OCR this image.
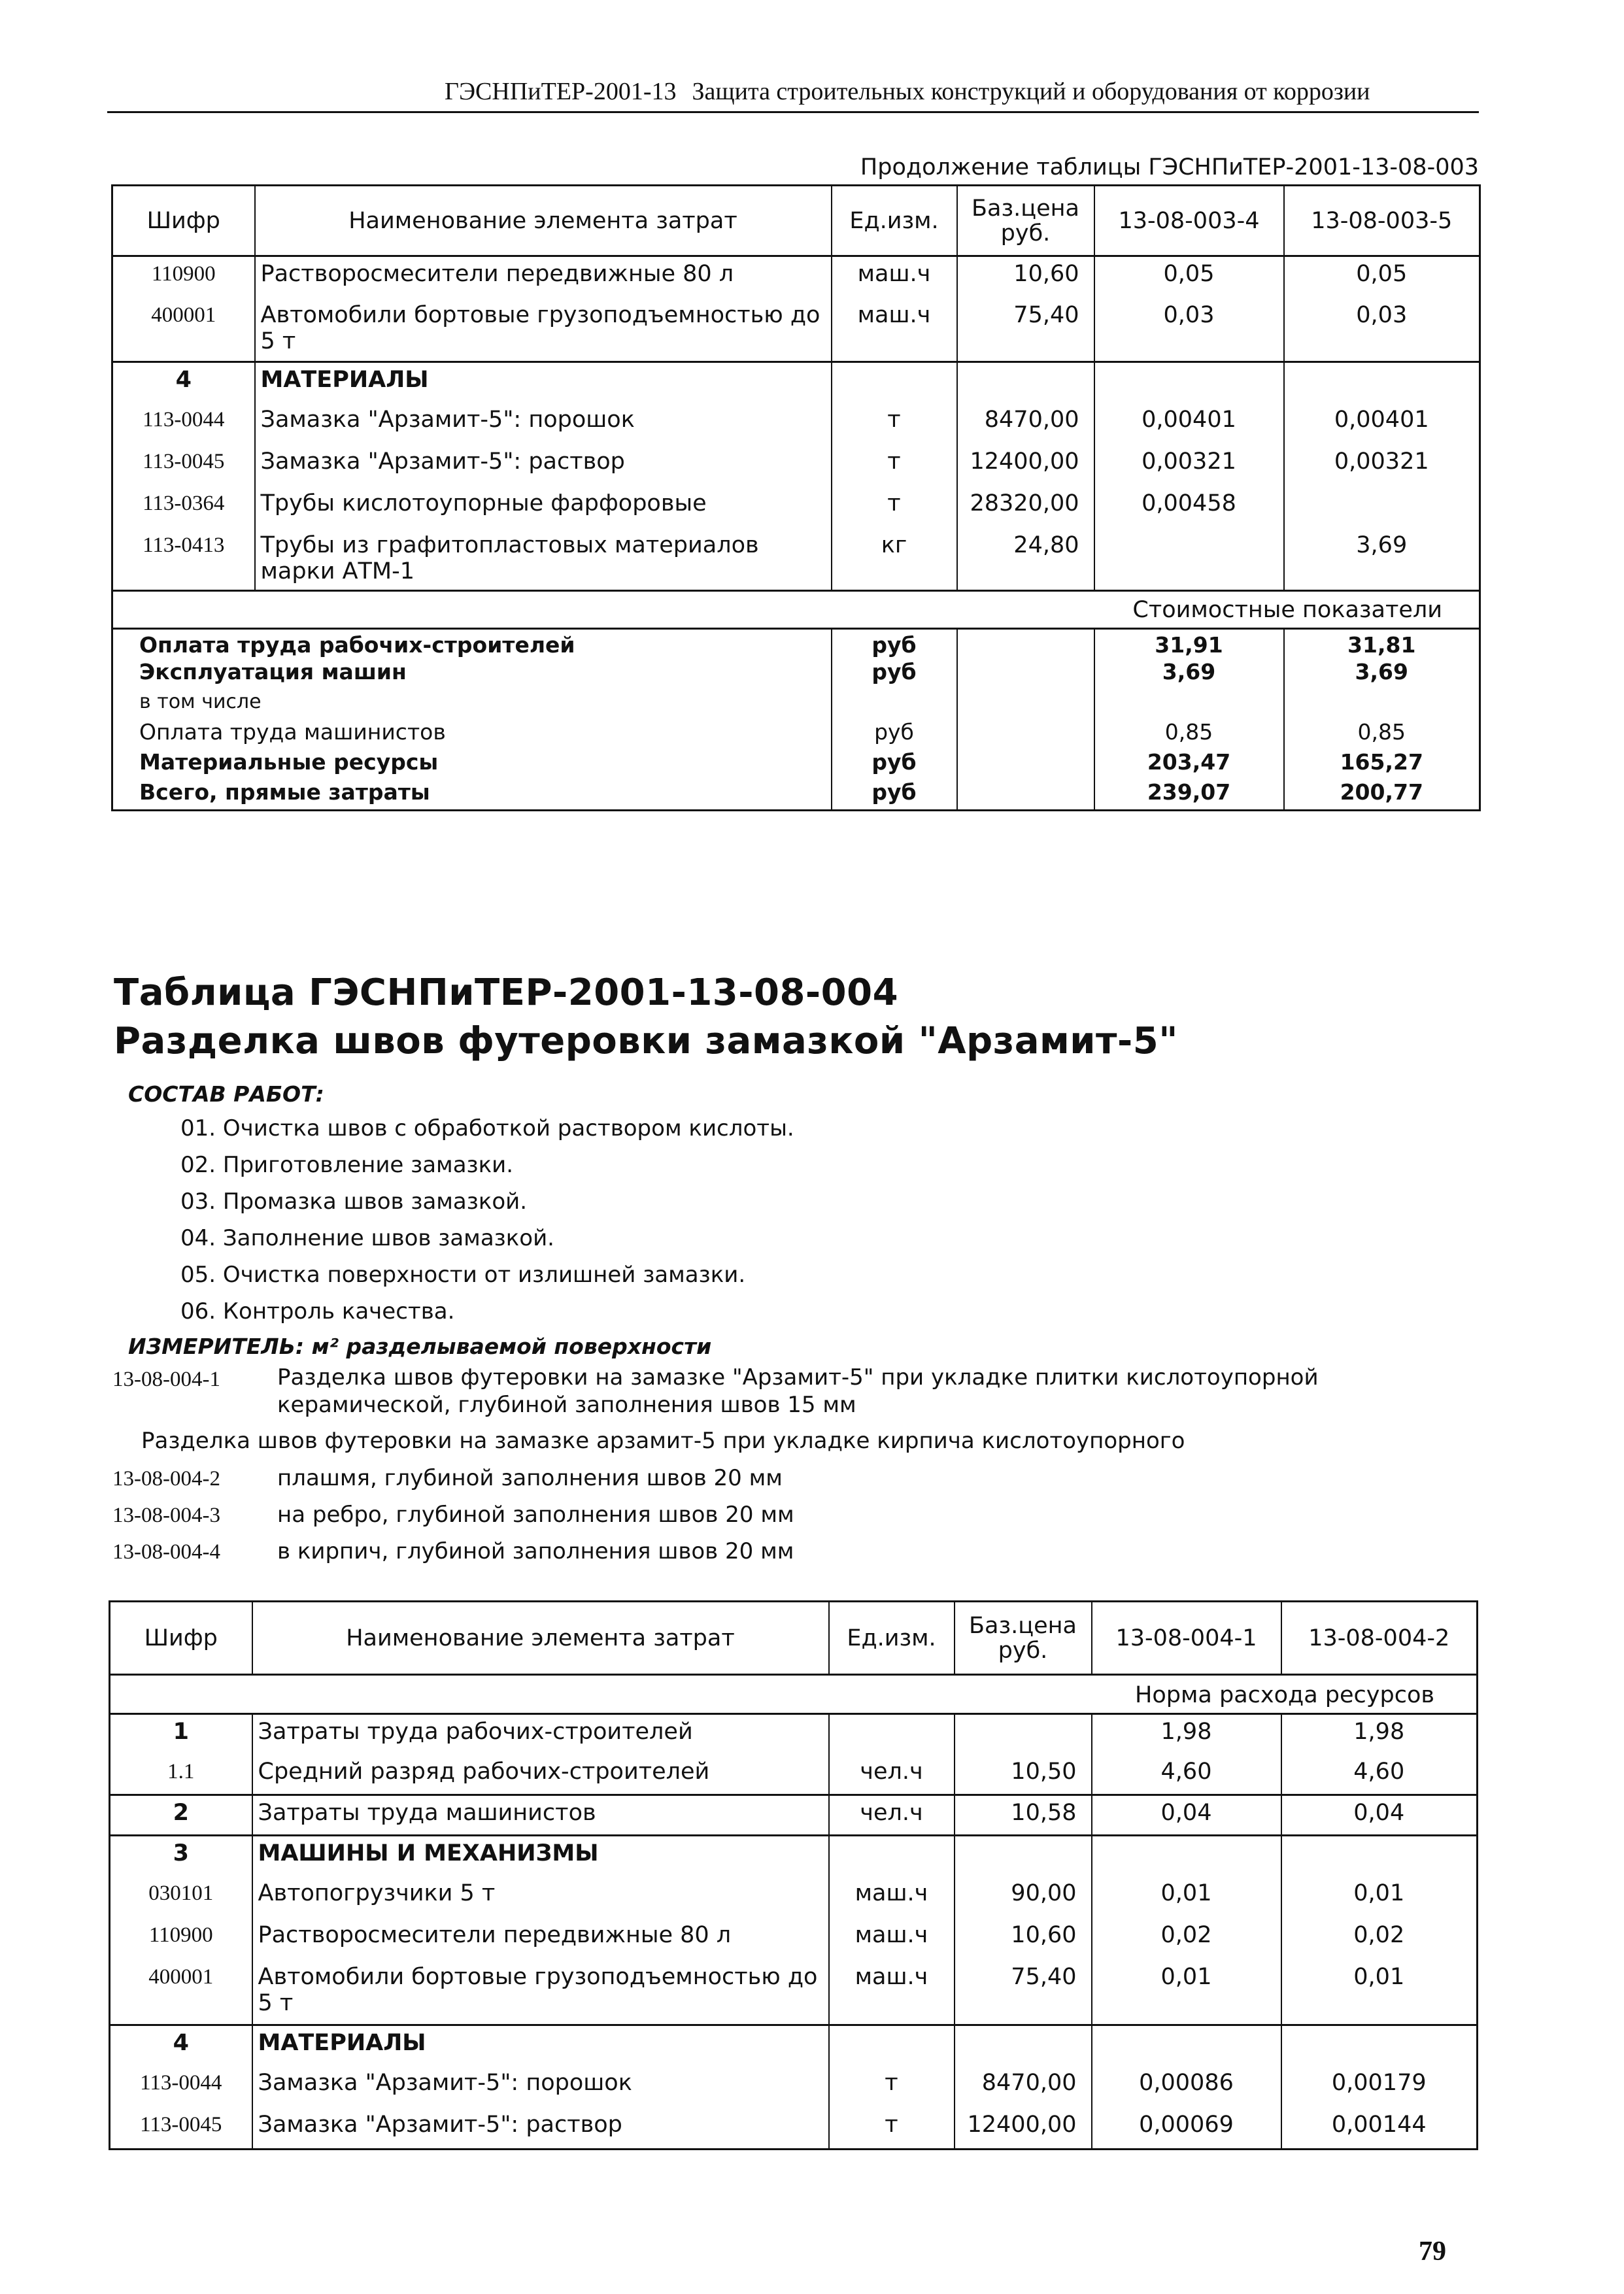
ГЭСНПиТЕР-2001-13 Защита строительных конструкций и оборудования от коррозии
Продолжение таблицы ГЭСНПиТЕР-2001-13-08-003
Шифр	Наименование элемента затрат	Ед.изм.	Баз.цена руб.	13-08-003-4	13-08-003-5
110900	Растворосмесители передвижные 80 л	маш.ч	10,60	0,05	0,05
400001	Автомобили бортовые грузоподъемностью до 5 т	маш.ч	75,40	0,03	0,03
4	МАТЕРИАЛЫ				
113-0044	Замазка "Арзамит-5": порошок	т	8470,00	0,00401	0,00401
113-0045	Замазка "Арзамит-5": раствор	т	12400,00	0,00321	0,00321
113-0364	Трубы кислотоупорные фарфоровые	т	28320,00	0,00458	
113-0413	Трубы из графитопластовых материалов марки АТМ-1	кг	24,80		3,69
Стоимостные показатели					
Оплата труда рабочих-строителей		руб		31,91	31,81
Эксплуатация машин		руб		3,69	3,69
в том числе					
Оплата труда машинистов		руб		0,85	0,85
Материальные ресурсы		руб		203,47	165,27
Всего, прямые затраты		руб		239,07	200,77
Таблица ГЭСНПиТЕР-2001-13-08-004
Разделка швов футеровки замазкой "Арзамит-5"
СОСТАВ РАБОТ:
01. Очистка швов с обработкой раствором кислоты.
02. Приготовление замазки.
03. Промазка швов замазкой.
04. Заполнение швов замазкой.
05. Очистка поверхности от излишней замазки.
06. Контроль качества.
ИЗМЕРИТЕЛЬ: м² разделываемой поверхности
13-08-004-1	Разделка швов футеровки на замазке "Арзамит-5" при укладке плитки кислотоупорной керамической, глубиной заполнения швов 15 мм
Разделка швов футеровки на замазке арзамит-5 при укладке кирпича кислотоупорного
13-08-004-2	плашмя, глубиной заполнения швов 20 мм
13-08-004-3	на ребро, глубиной заполнения швов 20 мм
13-08-004-4	в кирпич, глубиной заполнения швов 20 мм
Шифр	Наименование элемента затрат	Ед.изм.	Баз.цена руб.	13-08-004-1	13-08-004-2
Норма расхода ресурсов					
1	Затраты труда рабочих-строителей			1,98	1,98
1.1	Средний разряд рабочих-строителей	чел.ч	10,50	4,60	4,60
2	Затраты труда машинистов	чел.ч	10,58	0,04	0,04
3	МАШИНЫ И МЕХАНИЗМЫ				
030101	Автопогрузчики 5 т	маш.ч	90,00	0,01	0,01
110900	Растворосмесители передвижные 80 л	маш.ч	10,60	0,02	0,02
400001	Автомобили бортовые грузоподъемностью до 5 т	маш.ч	75,40	0,01	0,01
4	МАТЕРИАЛЫ				
113-0044	Замазка "Арзамит-5": порошок	т	8470,00	0,00086	0,00179
113-0045	Замазка "Арзамит-5": раствор	т	12400,00	0,00069	0,00144
79
